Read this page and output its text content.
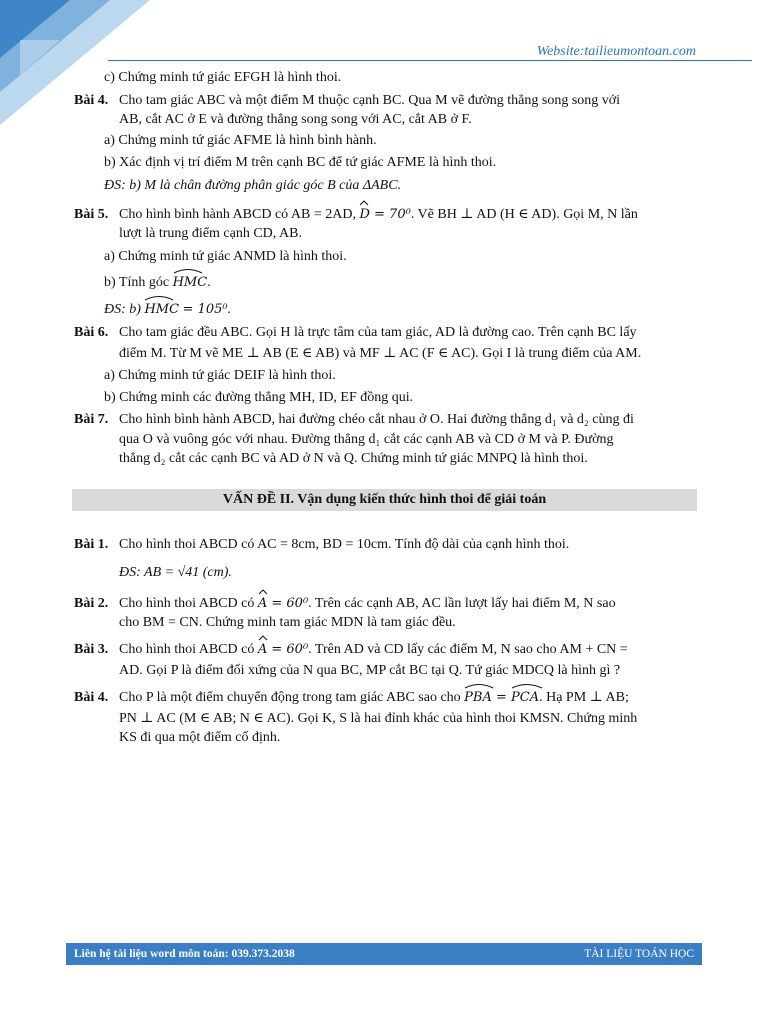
Website:tailieumontoan.com
c) Chứng minh tứ giác EFGH là hình thoi.
Bài 4. Cho tam giác ABC và một điểm M thuộc cạnh BC. Qua M vẽ đường thẳng song song với
AB, cắt AC ở E và đường thẳng song song với AC, cắt AB ở F.
a) Chứng minh tứ giác AFME là hình bình hành.
b) Xác định vị trí điểm M trên cạnh BC để tứ giác AFME là hình thoi.
ĐS: b) M là chân đường phân giác góc B của ΔABC.
Bài 5. Cho hình bình hành ABCD có AB = 2AD, D = 70⁰. Vẽ BH ⊥ AD (H ∈ AD). Gọi M, N lần
lượt là trung điểm cạnh CD, AB.
a) Chứng minh tứ giác ANMD là hình thoi.
b) Tính góc HMC.
ĐS: b) HMC = 105⁰.
Bài 6. Cho tam giác đều ABC. Gọi H là trực tâm của tam giác, AD là đường cao. Trên cạnh BC lấy
điểm M. Từ M vẽ ME ⊥ AB (E ∈ AB) và MF ⊥ AC (F ∈ AC). Gọi I là trung điểm của AM.
a) Chứng minh tứ giác DEIF là hình thoi.
b) Chứng minh các đường thẳng MH, ID, EF đồng qui.
Bài 7. Cho hình bình hành ABCD, hai đường chéo cắt nhau ở O. Hai đường thẳng d₁ và d₂ cùng đi
qua O và vuông góc với nhau. Đường thẳng d₁ cắt các cạnh AB và CD ở M và P. Đường
thẳng d₂ cắt các cạnh BC và AD ở N và Q. Chứng minh tứ giác MNPQ là hình thoi.
VẤN ĐỀ II. Vận dụng kiến thức hình thoi để giải toán
Bài 1. Cho hình thoi ABCD có AC = 8cm, BD = 10cm. Tính độ dài của cạnh hình thoi.
ĐS: AB = √41 (cm).
Bài 2. Cho hình thoi ABCD có A = 60⁰. Trên các cạnh AB, AC lần lượt lấy hai điểm M, N sao
cho BM = CN. Chứng minh tam giác MDN là tam giác đều.
Bài 3. Cho hình thoi ABCD có A = 60⁰. Trên AD và CD lấy các điểm M, N sao cho AM + CN =
AD. Gọi P là điểm đối xứng của N qua BC, MP cắt BC tại Q. Tứ giác MDCQ là hình gì ?
Bài 4. Cho P là một điểm chuyển động trong tam giác ABC sao cho PBA = PCA. Hạ PM ⊥ AB;
PN ⊥ AC (M ∈ AB; N ∈ AC). Gọi K, S là hai đỉnh khác của hình thoi KMSN. Chứng minh
KS đi qua một điểm cố định.
Liên hệ tài liệu word môn toán: 039.373.2038	TÀI LIỆU TOÁN HỌC
